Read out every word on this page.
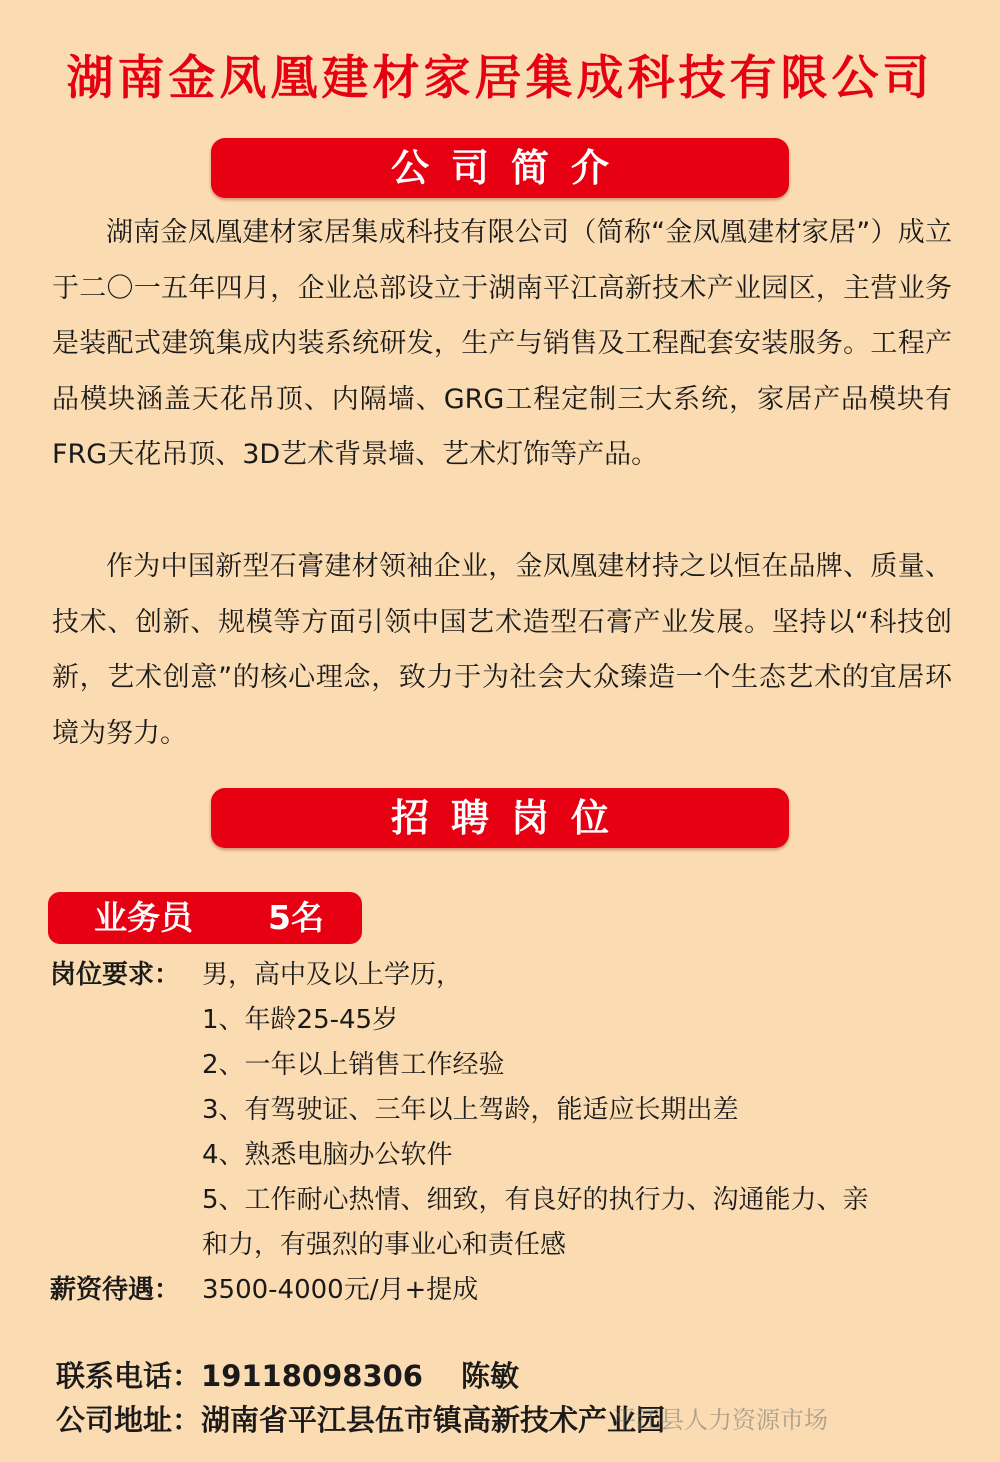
湖南金凤凰建材家居集成科技有限公司
公司简介

湖南金凤凰建材家居集成科技有限公司（简称“金凤凰建材家居”）成立于二〇一五年四月，企业总部设立于湖南平江高新技术产业园区，主营业务是装配式建筑集成内装系统研发，生产与销售及工程配套安装服务。工程产品模块涵盖天花吊顶、内隔墙、GRG工程定制三大系统，家居产品模块有FRG天花吊顶、3D艺术背景墙、艺术灯饰等产品。

作为中国新型石膏建材领袖企业，金凤凰建材持之以恒在品牌、质量、技术、创新、规模等方面引领中国艺术造型石膏产业发展。坚持以“科技创新，艺术创意”的核心理念，致力于为社会大众臻造一个生态艺术的宜居环境为努力。

招聘岗位
业务员 5名
岗位要求： 男，高中及以上学历，
1、年龄25-45岁
2、一年以上销售工作经验
3、有驾驶证、三年以上驾龄，能适应长期出差
4、熟悉电脑办公软件
5、工作耐心热情、细致，有良好的执行力、沟通能力、亲
和力，有强烈的事业心和责任感
薪资待遇： 3500-4000元/月+提成
联系电话：19118098306 陈敏
公司地址：湖南省平江县伍市镇高新技术产业园
平江县人力资源市场
